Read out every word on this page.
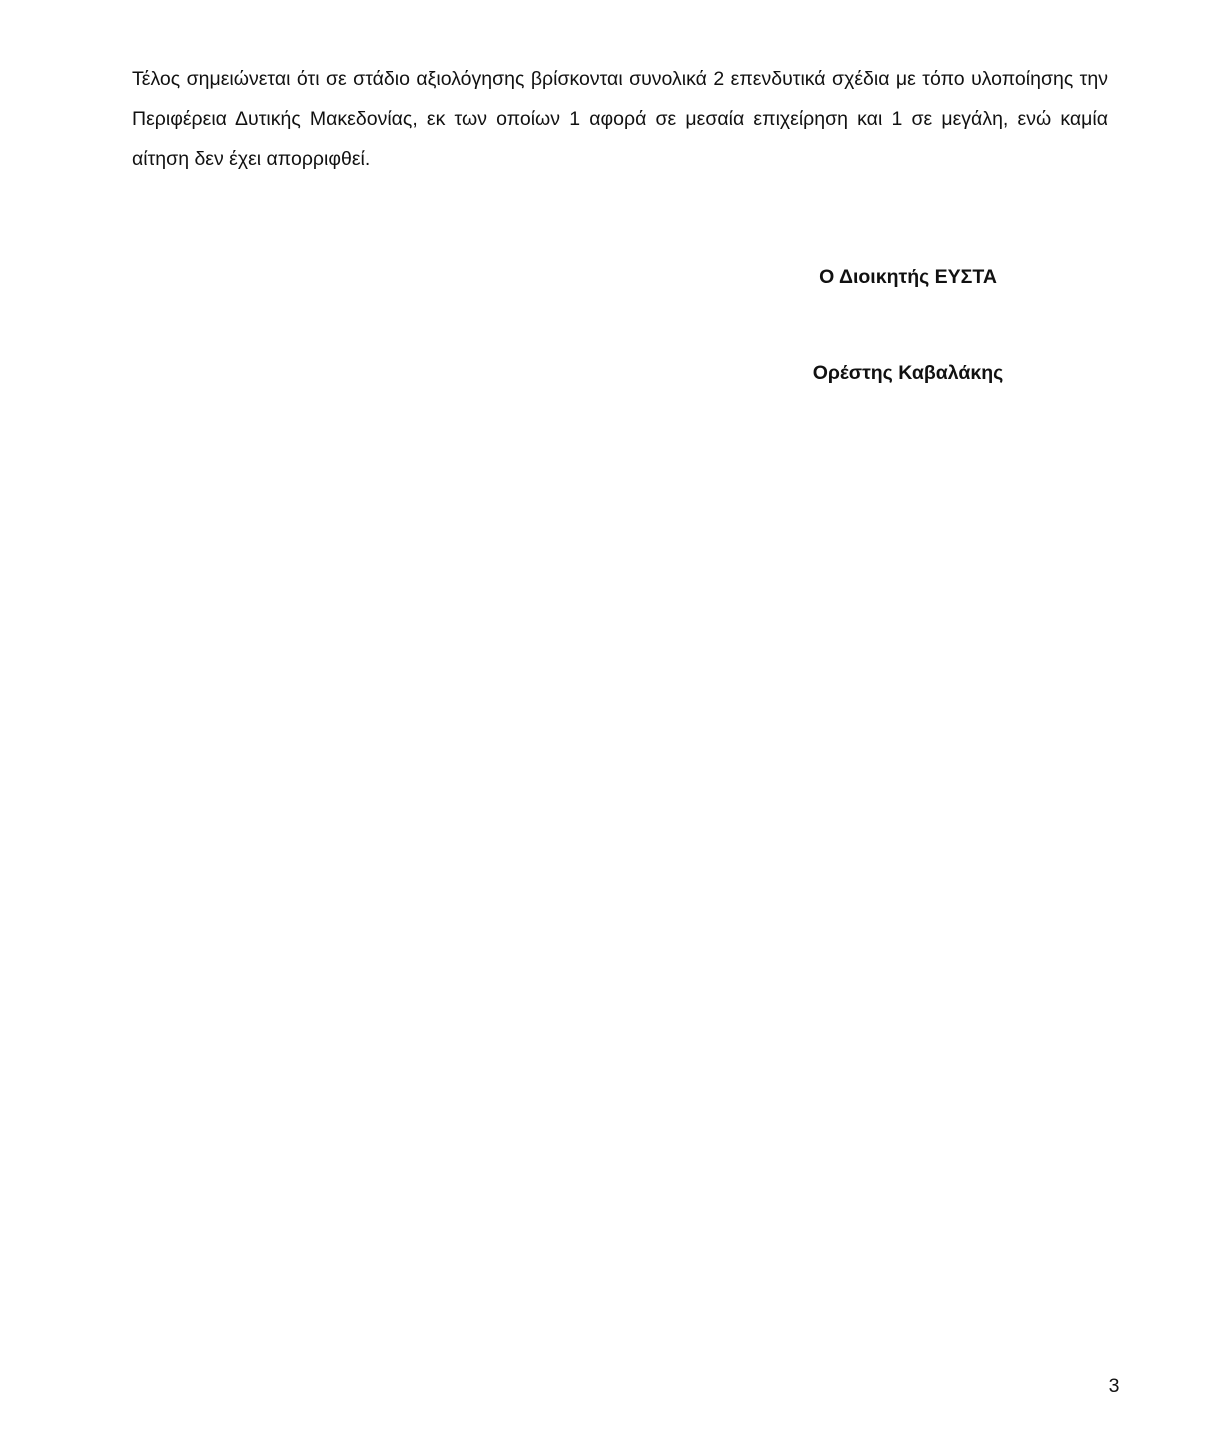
Τέλος σημειώνεται ότι σε στάδιο αξιολόγησης βρίσκονται συνολικά 2 επενδυτικά σχέδια με τόπο υλοποίησης την Περιφέρεια Δυτικής Μακεδονίας, εκ των οποίων 1 αφορά σε μεσαία επιχείρηση και 1 σε μεγάλη, ενώ καμία αίτηση δεν έχει απορριφθεί.

Ο Διοικητής ΕΥΣΤΑ

Ορέστης Καβαλάκης

3
